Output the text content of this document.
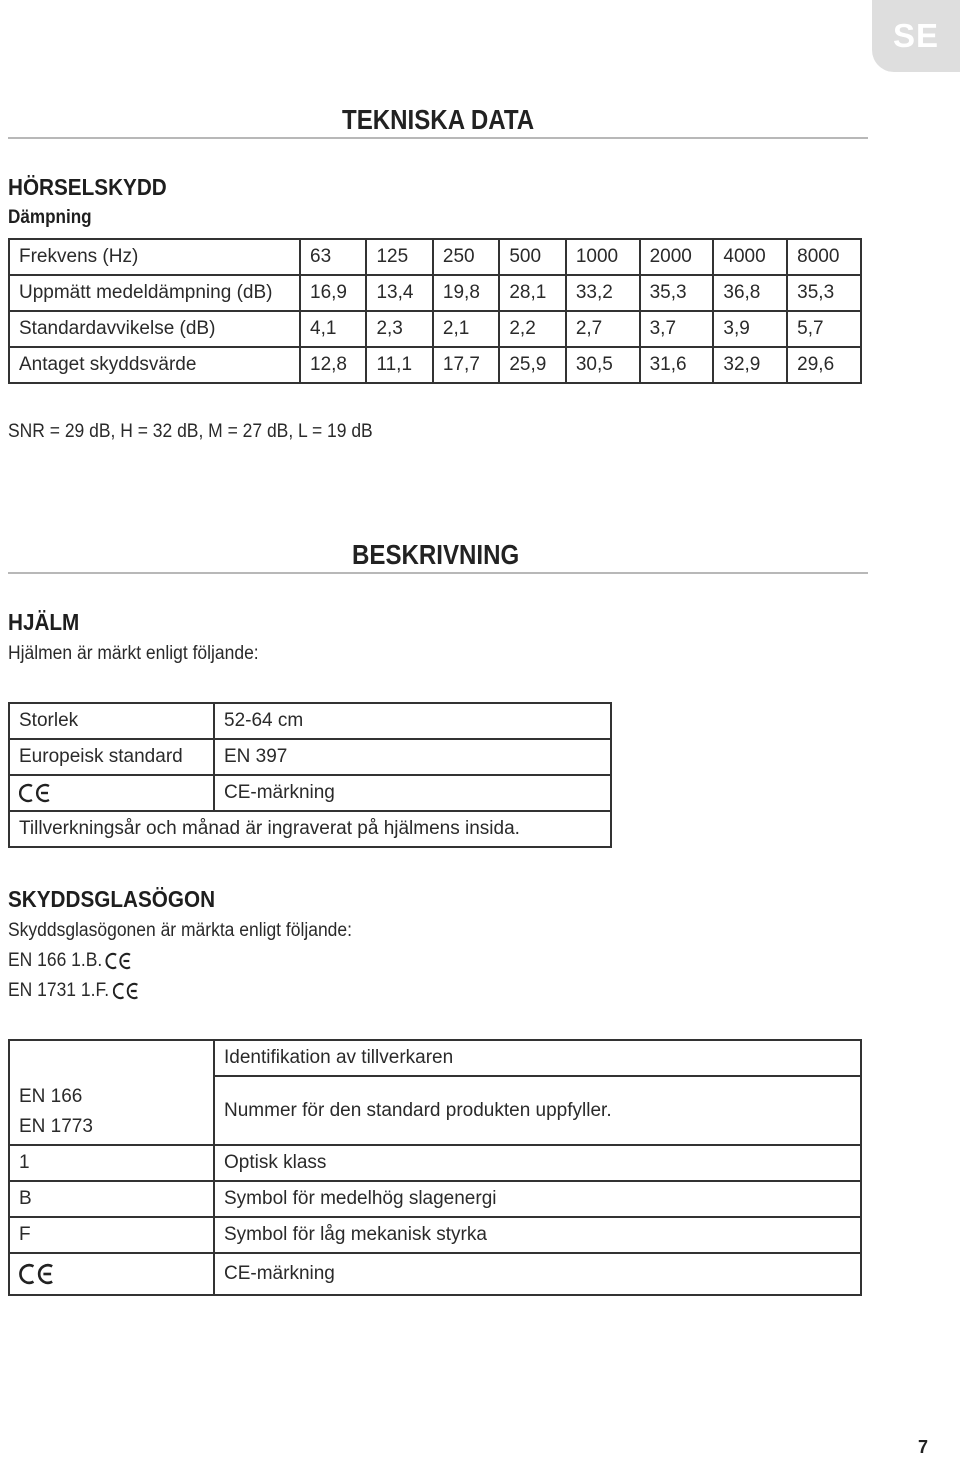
SE
TEKNISKA DATA
HÖRSELSKYDD
Dämpning
Frekvens (Hz)	63	125	250	500	1000	2000	4000	8000
Uppmätt medeldämpning (dB)	16,9	13,4	19,8	28,1	33,2	35,3	36,8	35,3
Standardavvikelse (dB)	4,1	2,3	2,1	2,2	2,7	3,7	3,9	5,7
Antaget skyddsvärde	12,8	11,1	17,7	25,9	30,5	31,6	32,9	29,6
SNR = 29 dB, H = 32 dB, M = 27 dB, L = 19 dB
BESKRIVNING
HJÄLM
Hjälmen är märkt enligt följande:
Storlek	52-64 cm
Europeisk standard	EN 397

	CE-märkning
Tillverkningsår och månad är ingraverat på hjälmens insida.	
SKYDDSGLASÖGON
Skyddsglasögonen är märkta enligt följande:
EN 166 1.B.
EN 1731 1.F.
	Identifikation av tillverkaren

EN 166
EN 1773	Nummer för den standard produkten uppfyller.
1	Optisk klass
B	Symbol för medelhög slagenergi
F	Symbol för låg mekanisk styrka

	CE-märkning
7
